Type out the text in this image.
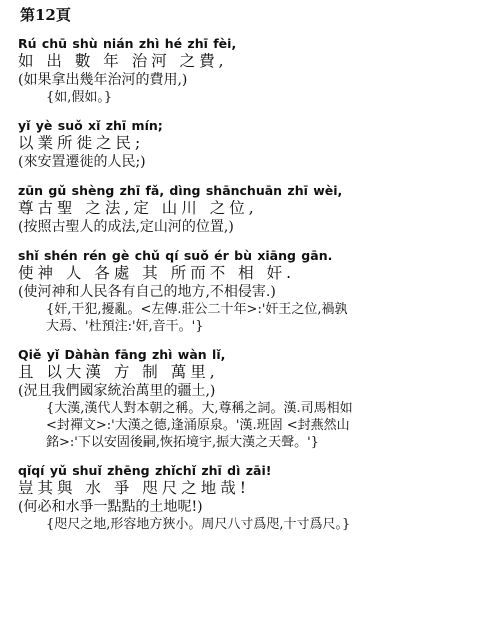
第12頁
Rú chū shù nián zhì hé zhī fèi,
如 出 數 年 治河 之費,
(如果拿出幾年治河的費用,)
{如,假如。}
yǐ yè suǒ xǐ zhī mín;
以業所徙之民;
(來安置遷徙的人民;)
zūn gǔ shèng zhī fǎ, dìng shānchuān zhī wèi,
尊古聖 之法,定 山川 之位,
(按照古聖人的成法,定山河的位置,)
shǐ shén rén gè chǔ qí suǒ ér bù xiāng gān.
使神 人 各處 其 所而不 相 奸.
(使河神和人民各有自己的地方,不相侵害.)
{奸,干犯,擾亂。<左傳.莊公二十年>:'奸王之位,禍孰
大焉、'杜預注:'奸,音干。'}
Qiě yǐ Dàhàn fāng zhì wàn lǐ,
且 以大漢 方 制 萬里,
(況且我們國家統治萬里的疆土,)
{大漢,漢代人對本朝之稱。大,尊稱之詞。漢.司馬相如
<封禪文>:'大漢之德,逢涌原泉。'漢.班固 <封燕然山
銘>:'下以安固後嗣,恢拓境宇,振大漢之天聲。'}
qǐqí yǔ shuǐ zhēng zhǐchǐ zhī dì zāi!
豈其與 水 爭 咫尺之地哉!
(何必和水爭一點點的土地呢!)
{咫尺之地,形容地方狹小。周尺八寸爲咫,十寸爲尺。}
